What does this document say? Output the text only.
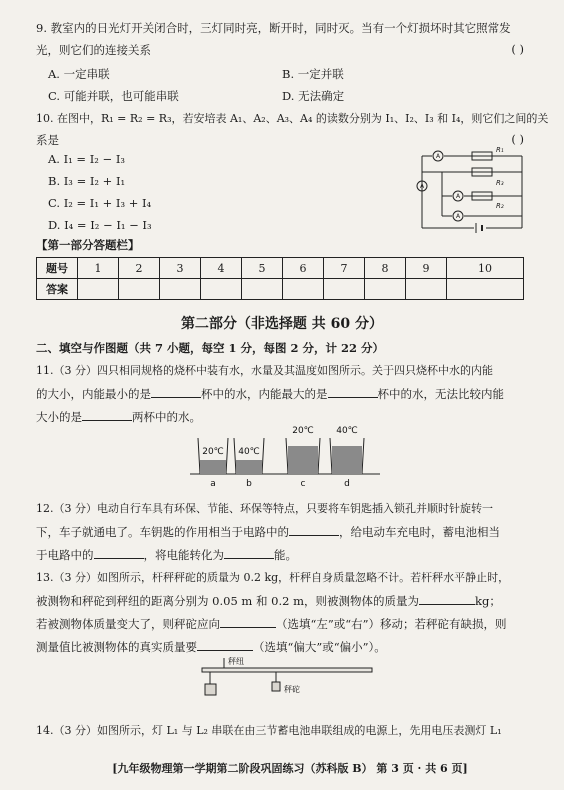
9. 教室内的日光灯开关闭合时，三灯同时亮，断开时，同时灭。当有一个灯损坏时其它照常发
光，则它们的连接关系	( )
A. 一定串联	B. 一定并联
C. 可能并联，也可能串联	D. 无法确定
10. 在图中，R₁ = R₂ = R₃，若安培表 A₁、A₂、A₃、A₄ 的读数分别为 I₁、I₂、I₃ 和 I₄，则它们之间的关
系是	( )
A. I₁ = I₂ − I₃
B. I₃ = I₂ + I₁
C. I₂ = I₁ + I₃ + I₄
D. I₄ = I₂ − I₁ − I₃
A
A
A
A
R₁
R₃
R₂
【第一部分答题栏】
题号	1	2	3	4	5	6	7	8	9	10
答案										
第二部分（非选择题 共 60 分）
二、填空与作图题（共 7 小题，每空 1 分，每图 2 分，计 22 分）
11.（3 分）四只相同规格的烧杯中装有水，水量及其温度如图所示。关于四只烧杯中水的内能
的大小，内能最小的是	杯中的水，内能最大的是	杯中的水，无法比较内能
大小的是	两杯中的水。
20℃ 40℃
20℃ 40℃
a	b	c	d
12.（3 分）电动自行车具有环保、节能、环保等特点，只要将车钥匙插入锁孔并顺时针旋转一
下，车子就通电了。车钥匙的作用相当于电路中的	，给电动车充电时，蓄电池相当
于电路中的	，将电能转化为	能。
13.（3 分）如图所示，杆秤秤砣的质量为 0.2 kg，杆秤自身质量忽略不计。若杆秤水平静止时，
被测物和秤砣到秤纽的距离分别为 0.05 m 和 0.2 m，则被测物体的质量为	kg；
若被测物体质量变大了，则秤砣应向	（选填“左”或“右”）移动；若秤砣有缺损，则
测量值比被测物体的真实质量要	（选填“偏大”或“偏小”）。
秤纽
秤砣
14.（3 分）如图所示，灯 L₁ 与 L₂ 串联在由三节蓄电池串联组成的电源上，先用电压表测灯 L₁
[九年级物理第一学期第二阶段巩固练习（苏科版 B） 第 3 页 · 共 6 页]
